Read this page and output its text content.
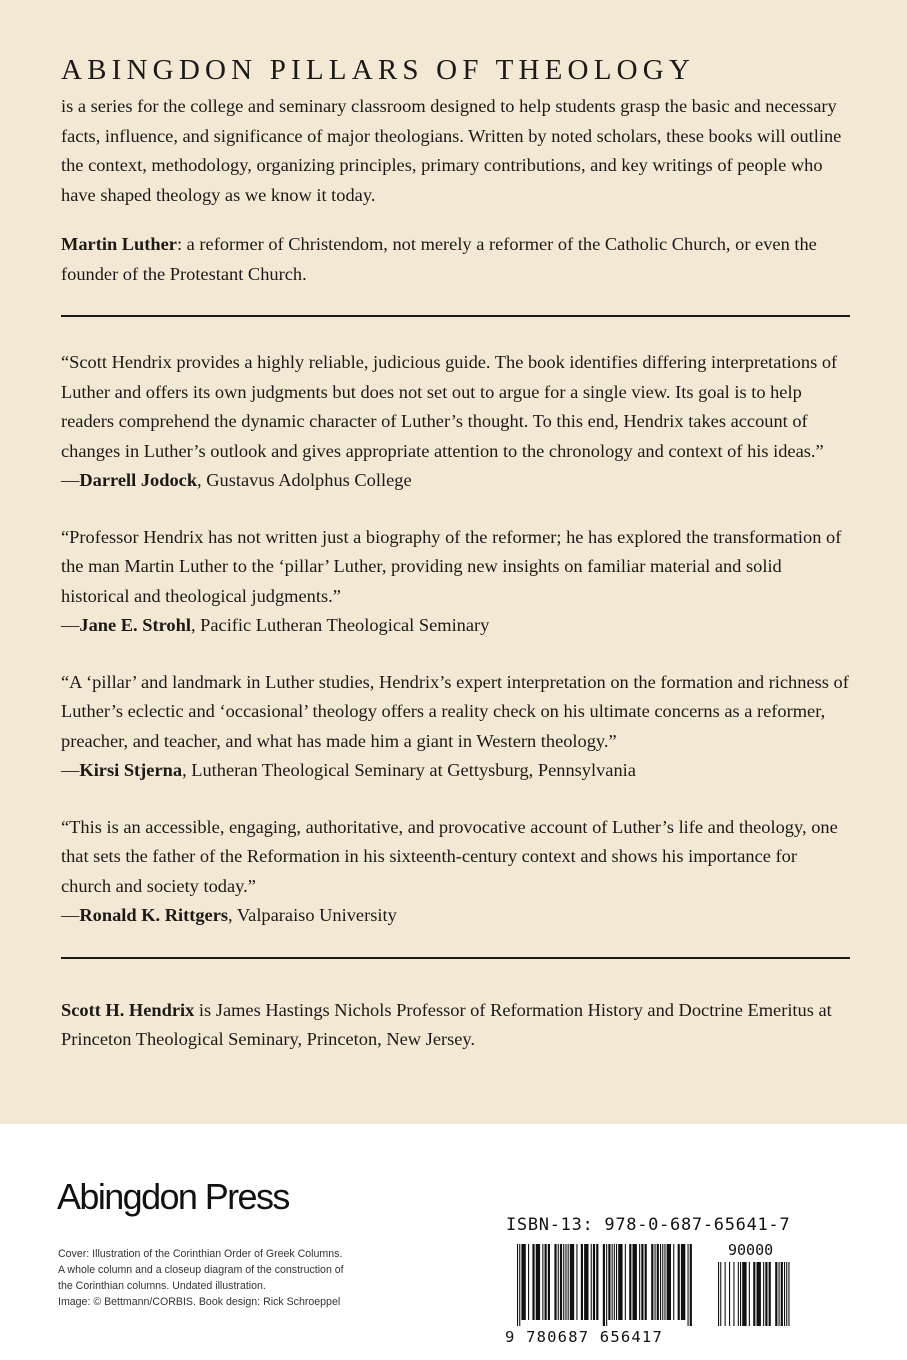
ABINGDON PILLARS OF THEOLOGY

is a series for the college and seminary classroom designed to help students grasp the basic and necessary facts, influence, and significance of major theologians. Written by noted scholars, these books will outline the context, methodology, organizing principles, primary contributions, and key writings of people who have shaped theology as we know it today.

Martin Luther: a reformer of Christendom, not merely a reformer of the Catholic Church, or even the founder of the Protestant Church.

“Scott Hendrix provides a highly reliable, judicious guide. The book identifies differing interpretations of Luther and offers its own judgments but does not set out to argue for a single view. Its goal is to help readers comprehend the dynamic character of Luther’s thought. To this end, Hendrix takes account of changes in Luther’s outlook and gives appropriate attention to the chronology and context of his ideas.”

—Darrell Jodock, Gustavus Adolphus College

“Professor Hendrix has not written just a biography of the reformer; he has explored the transformation of the man Martin Luther to the ‘pillar’ Luther, providing new insights on familiar material and solid historical and theological judgments.”

—Jane E. Strohl, Pacific Lutheran Theological Seminary

“A ‘pillar’ and landmark in Luther studies, Hendrix’s expert interpretation on the formation and richness of Luther’s eclectic and ‘occasional’ theology offers a reality check on his ultimate concerns as a reformer, preacher, and teacher, and what has made him a giant in Western theology.”

—Kirsi Stjerna, Lutheran Theological Seminary at Gettysburg, Pennsylvania

“This is an accessible, engaging, authoritative, and provocative account of Luther’s life and theology, one that sets the father of the Reformation in his sixteenth-century context and shows his importance for church and society today.”

—Ronald K. Rittgers, Valparaiso University

Scott H. Hendrix is James Hastings Nichols Professor of Reformation History and Doctrine Emeritus at Princeton Theological Seminary, Princeton, New Jersey.

Abingdon Press
Cover: Illustration of the Corinthian Order of Greek Columns.
A whole column and a closeup diagram of the construction of
the Corinthian columns. Undated illustration.
Image: © Bettmann/CORBIS. Book design: Rick Schroeppel
ISBN-13: 978-0-687-65641-7
90000
9 780687 656417
